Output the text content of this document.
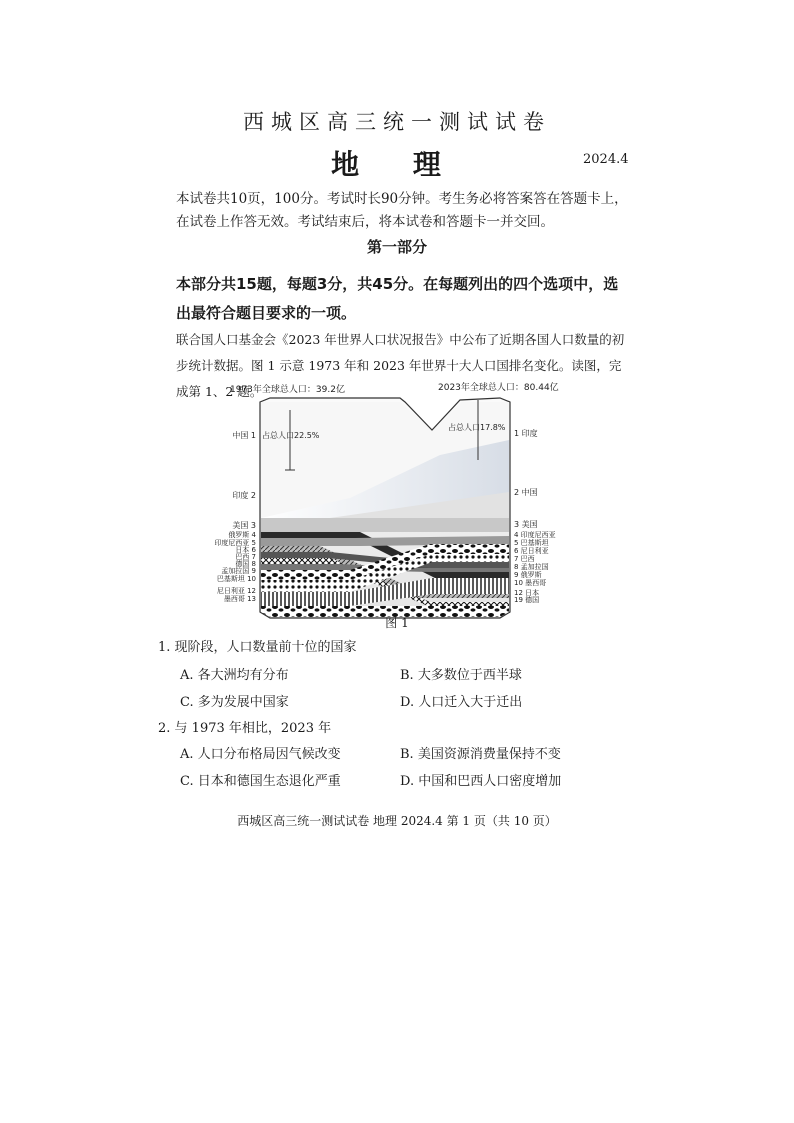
西城区高三统一测试试卷
地 理	2024.4
本试卷共10页，100分。考试时长90分钟。考生务必将答案答在答题卡上，在试卷上作答无效。考试结束后，将本试卷和答题卡一并交回。
第一部分
本部分共15题，每题3分，共45分。在每题列出的四个选项中，选出最符合题目要求的一项。
联合国人口基金会《2023 年世界人口状况报告》中公布了近期各国人口数量的初步统计数据。图 1 示意 1973 年和 2023 年世界十大人口国排名变化。读图，完成第 1、2 题。
1973年全球总人口：39.2亿	2023年全球总人口：80.44亿
占总人口22.5%
占总人口17.8%
中国 1
印度 2
美国 3
俄罗斯 4
印度尼西亚 5
日本 6
巴西 7
德国 8
孟加拉国 9
巴基斯坦 10
尼日利亚 12
墨西哥 13
1 印度
2 中国
3 美国
4 印度尼西亚
5 巴基斯坦
6 尼日利亚
7 巴西
8 孟加拉国
9 俄罗斯
10 墨西哥
12 日本
19 德国
图 1
1. 现阶段，人口数量前十位的国家
A. 各大洲均有分布	B. 大多数位于西半球
C. 多为发展中国家	D. 人口迁入大于迁出
2. 与 1973 年相比，2023 年
A. 人口分布格局因气候改变	B. 美国资源消费量保持不变
C. 日本和德国生态退化严重	D. 中国和巴西人口密度增加
西城区高三统一测试试卷 地理 2024.4 第 1 页（共 10 页）
